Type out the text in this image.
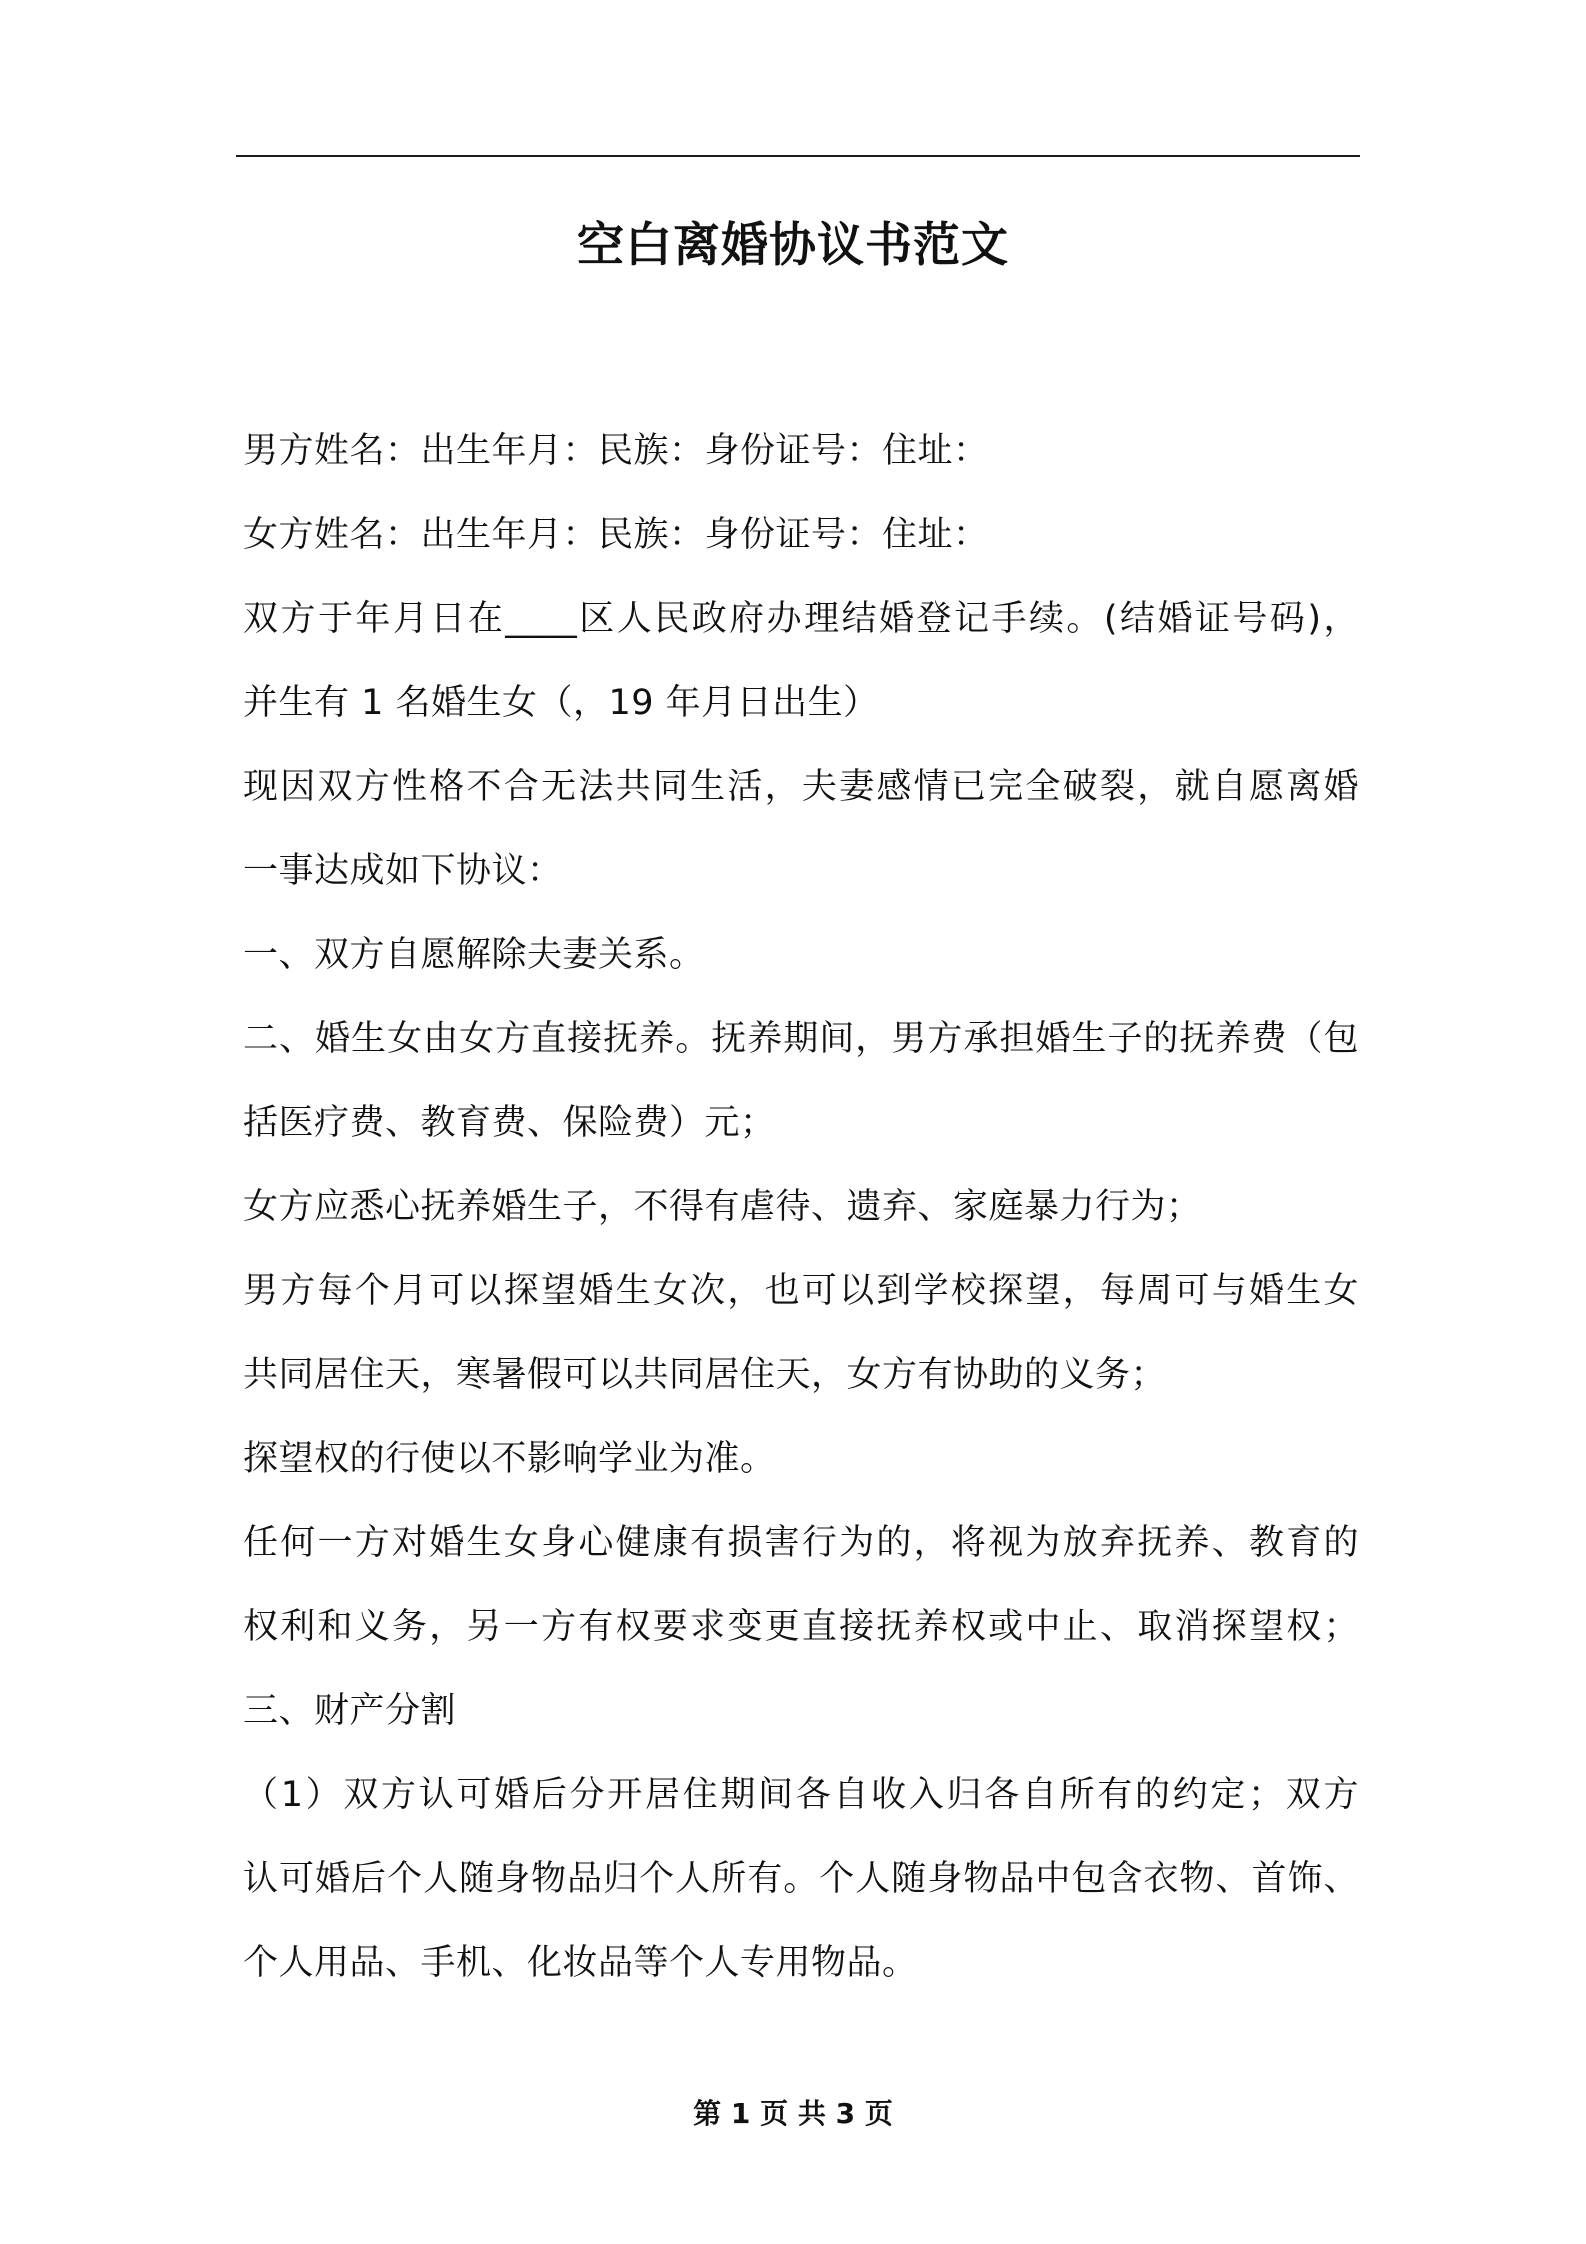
空白离婚协议书范文
男方姓名：出生年月：民族：身份证号：住址：
女方姓名：出生年月：民族：身份证号：住址：
双方于年月日在____区人民政府办理结婚登记手续。(结婚证号码)，
并生有 1 名婚生女（，19 年月日出生）
现因双方性格不合无法共同生活，夫妻感情已完全破裂，就自愿离婚
一事达成如下协议：
一、双方自愿解除夫妻关系。
二、婚生女由女方直接抚养。抚养期间，男方承担婚生子的抚养费（包
括医疗费、教育费、保险费）元；
女方应悉心抚养婚生子，不得有虐待、遗弃、家庭暴力行为；
男方每个月可以探望婚生女次，也可以到学校探望，每周可与婚生女
共同居住天，寒暑假可以共同居住天，女方有协助的义务；
探望权的行使以不影响学业为准。
任何一方对婚生女身心健康有损害行为的，将视为放弃抚养、教育的
权利和义务，另一方有权要求变更直接抚养权或中止、取消探望权；
三、财产分割
（1）双方认可婚后分开居住期间各自收入归各自所有的约定；双方
认可婚后个人随身物品归个人所有。个人随身物品中包含衣物、首饰、
个人用品、手机、化妆品等个人专用物品。
第 1 页 共 3 页
